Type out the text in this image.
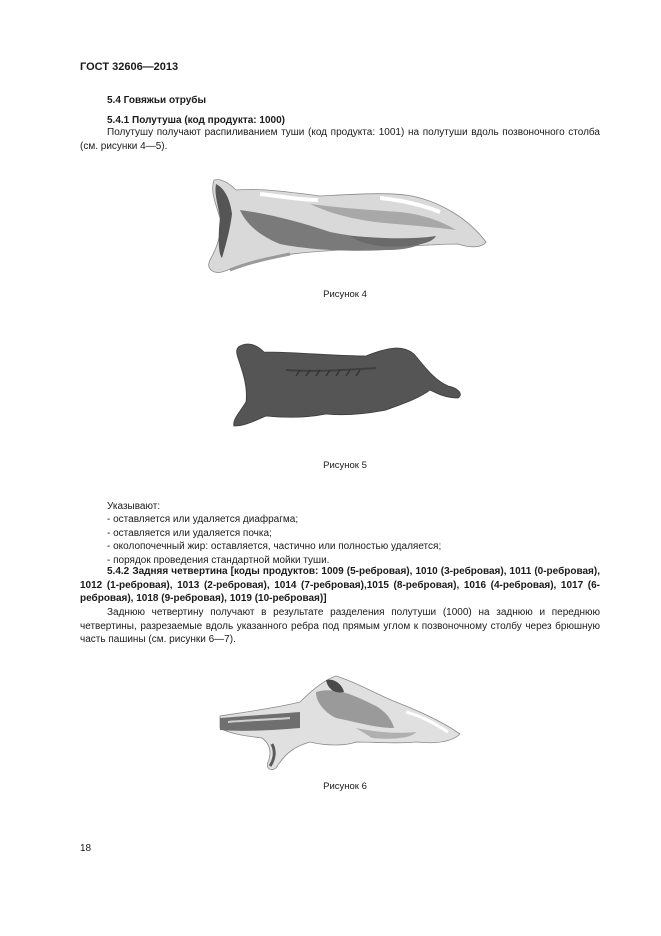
ГОСТ 32606—2013
5.4 Говяжьи отрубы
5.4.1 Полутуша (код продукта: 1000)
Полутушу получают распиливанием туши (код продукта: 1001) на полутуши вдоль позвоночного столба (см. рисунки 4—5).
Рисунок 4
Рисунок 5
Указывают:
- оставляется или удаляется диафрагма;
- оставляется или удаляется почка;
- околопочечный жир: оставляется, частично или полностью удаляется;
- порядок проведения стандартной мойки туши.
5.4.2 Задняя четвертина [коды продуктов: 1009 (5-ребровая), 1010 (3-ребровая), 1011 (0-ребровая), 1012 (1-ребровая), 1013 (2-ребровая), 1014 (7-ребровая),1015 (8-ребровая), 1016 (4-ребровая), 1017 (6-ребровая), 1018 (9-ребровая), 1019 (10-ребровая)]
Заднюю четвертину получают в результате разделения полутуши (1000) на заднюю и переднюю четвертины, разрезаемые вдоль указанного ребра под прямым углом к позвоночному столбу через брюшную часть пашины (см. рисунки 6—7).
Рисунок 6
18
